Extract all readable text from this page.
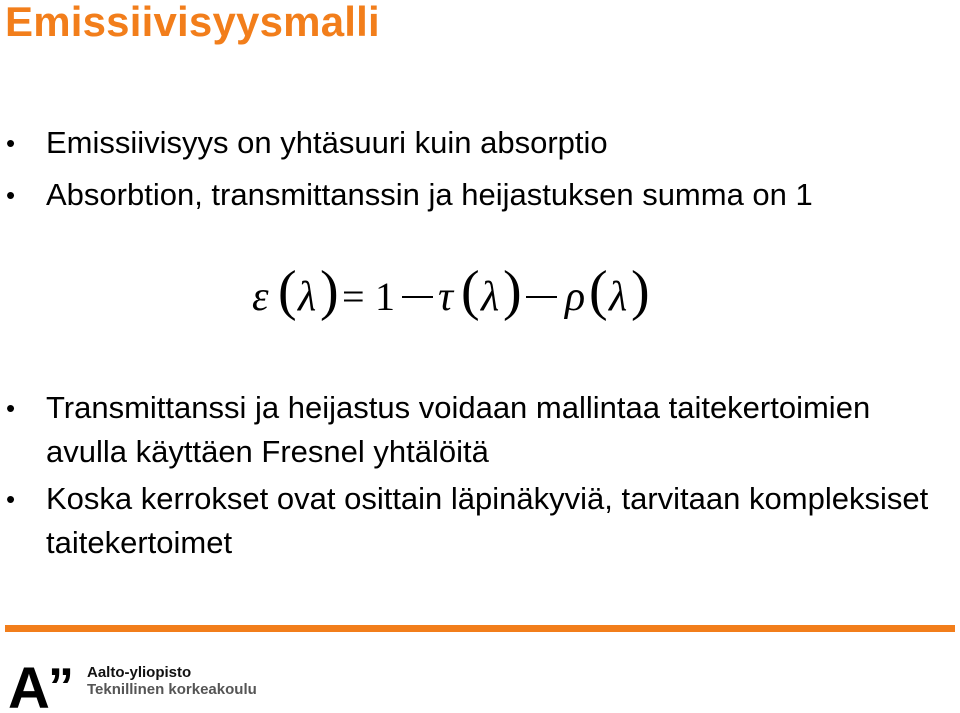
Emissiivisyysmalli
• Emissiivisyys on yhtäsuuri kuin absorptio
• Absorbtion, transmittanssin ja heijastuksen summa on 1
• Transmittanssi ja heijastus voidaan mallintaa taitekertoimien avulla käyttäen Fresnel yhtälöitä
• Koska kerrokset ovat osittain läpinäkyviä, tarvitaan kompleksiset taitekertoimet
ε ( λ ) = 1 τ ( λ ) ρ ( λ )
A
” Aalto-yliopisto
Teknillinen korkeakoulu
